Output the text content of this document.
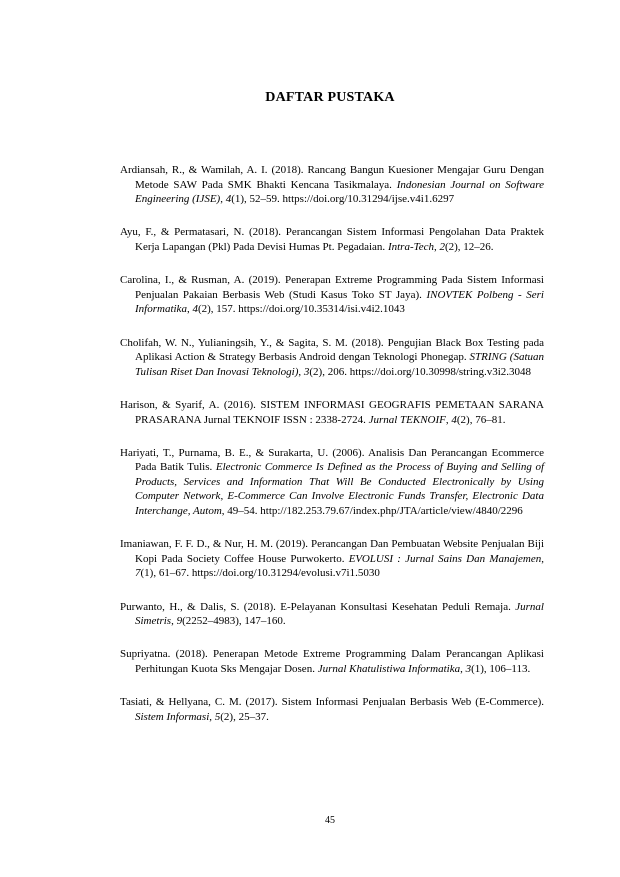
DAFTAR PUSTAKA

Ardiansah, R., & Wamilah, A. I. (2018). Rancang Bangun Kuesioner Mengajar Guru Dengan Metode SAW Pada SMK Bhakti Kencana Tasikmalaya. Indonesian Journal on Software Engineering (IJSE), 4(1), 52–59. https://doi.org/10.31294/ijse.v4i1.6297

Ayu, F., & Permatasari, N. (2018). Perancangan Sistem Informasi Pengolahan Data Praktek Kerja Lapangan (Pkl) Pada Devisi Humas Pt. Pegadaian. Intra-Tech, 2(2), 12–26.

Carolina, I., & Rusman, A. (2019). Penerapan Extreme Programming Pada Sistem Informasi Penjualan Pakaian Berbasis Web (Studi Kasus Toko ST Jaya). INOVTEK Polbeng - Seri Informatika, 4(2), 157. https://doi.org/10.35314/isi.v4i2.1043

Cholifah, W. N., Yulianingsih, Y., & Sagita, S. M. (2018). Pengujian Black Box Testing pada Aplikasi Action & Strategy Berbasis Android dengan Teknologi Phonegap. STRING (Satuan Tulisan Riset Dan Inovasi Teknologi), 3(2), 206. https://doi.org/10.30998/string.v3i2.3048

Harison, & Syarif, A. (2016). SISTEM INFORMASI GEOGRAFIS PEMETAAN SARANA PRASARANA Jurnal TEKNOIF ISSN : 2338-2724. Jurnal TEKNOIF, 4(2), 76–81.

Hariyati, T., Purnama, B. E., & Surakarta, U. (2006). Analisis Dan Perancangan Ecommerce Pada Batik Tulis. Electronic Commerce Is Defined as the Process of Buying and Selling of Products, Services and Information That Will Be Conducted Electronically by Using Computer Network, E-Commerce Can Involve Electronic Funds Transfer, Electronic Data Interchange, Autom, 49–54. http://182.253.79.67/index.php/JTA/article/view/4840/2296

Imaniawan, F. F. D., & Nur, H. M. (2019). Perancangan Dan Pembuatan Website Penjualan Biji Kopi Pada Society Coffee House Purwokerto. EVOLUSI : Jurnal Sains Dan Manajemen, 7(1), 61–67. https://doi.org/10.31294/evolusi.v7i1.5030

Purwanto, H., & Dalis, S. (2018). E-Pelayanan Konsultasi Kesehatan Peduli Remaja. Jurnal Simetris, 9(2252–4983), 147–160.

Supriyatna. (2018). Penerapan Metode Extreme Programming Dalam Perancangan Aplikasi Perhitungan Kuota Sks Mengajar Dosen. Jurnal Khatulistiwa Informatika, 3(1), 106–113.

Tasiati, & Hellyana, C. M. (2017). Sistem Informasi Penjualan Berbasis Web (E-Commerce). Sistem Informasi, 5(2), 25–37.

45
